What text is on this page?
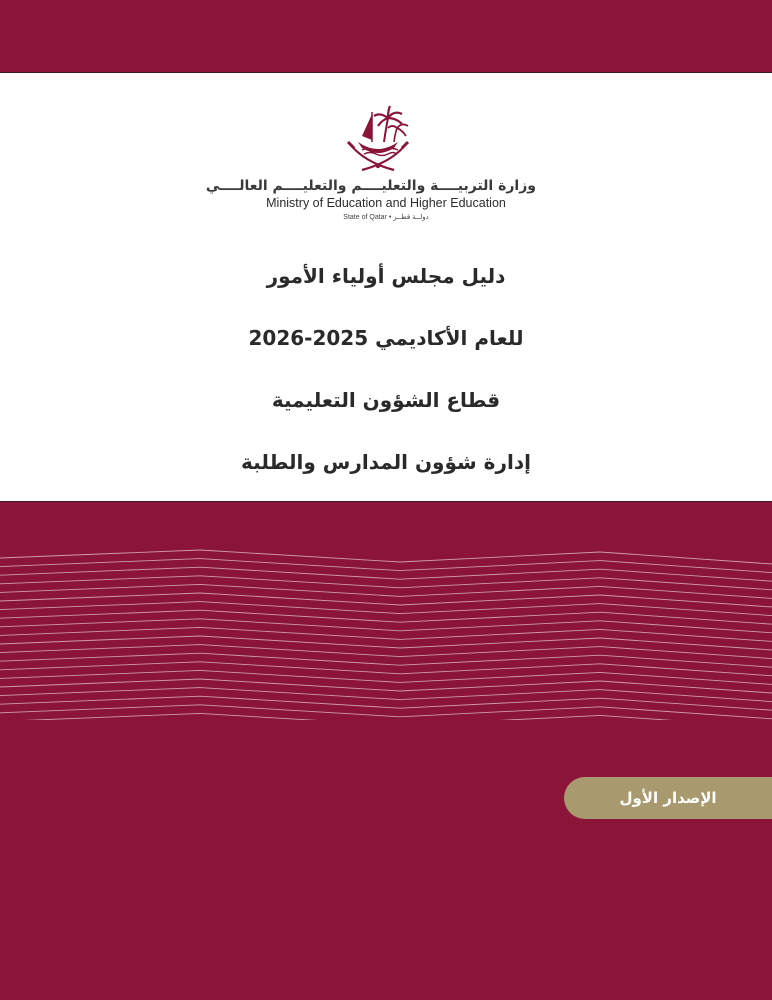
وزارة التربيــــة والتعليــــم والتعليــــم العالــــي
Ministry of Education and Higher Education
State of Qatar • دولــة قطــر
دليل مجلس أولياء الأمور
للعام الأكاديمي 2025-2026
قطاع الشؤون التعليمية
إدارة شؤون المدارس والطلبة
الإصدار الأول
